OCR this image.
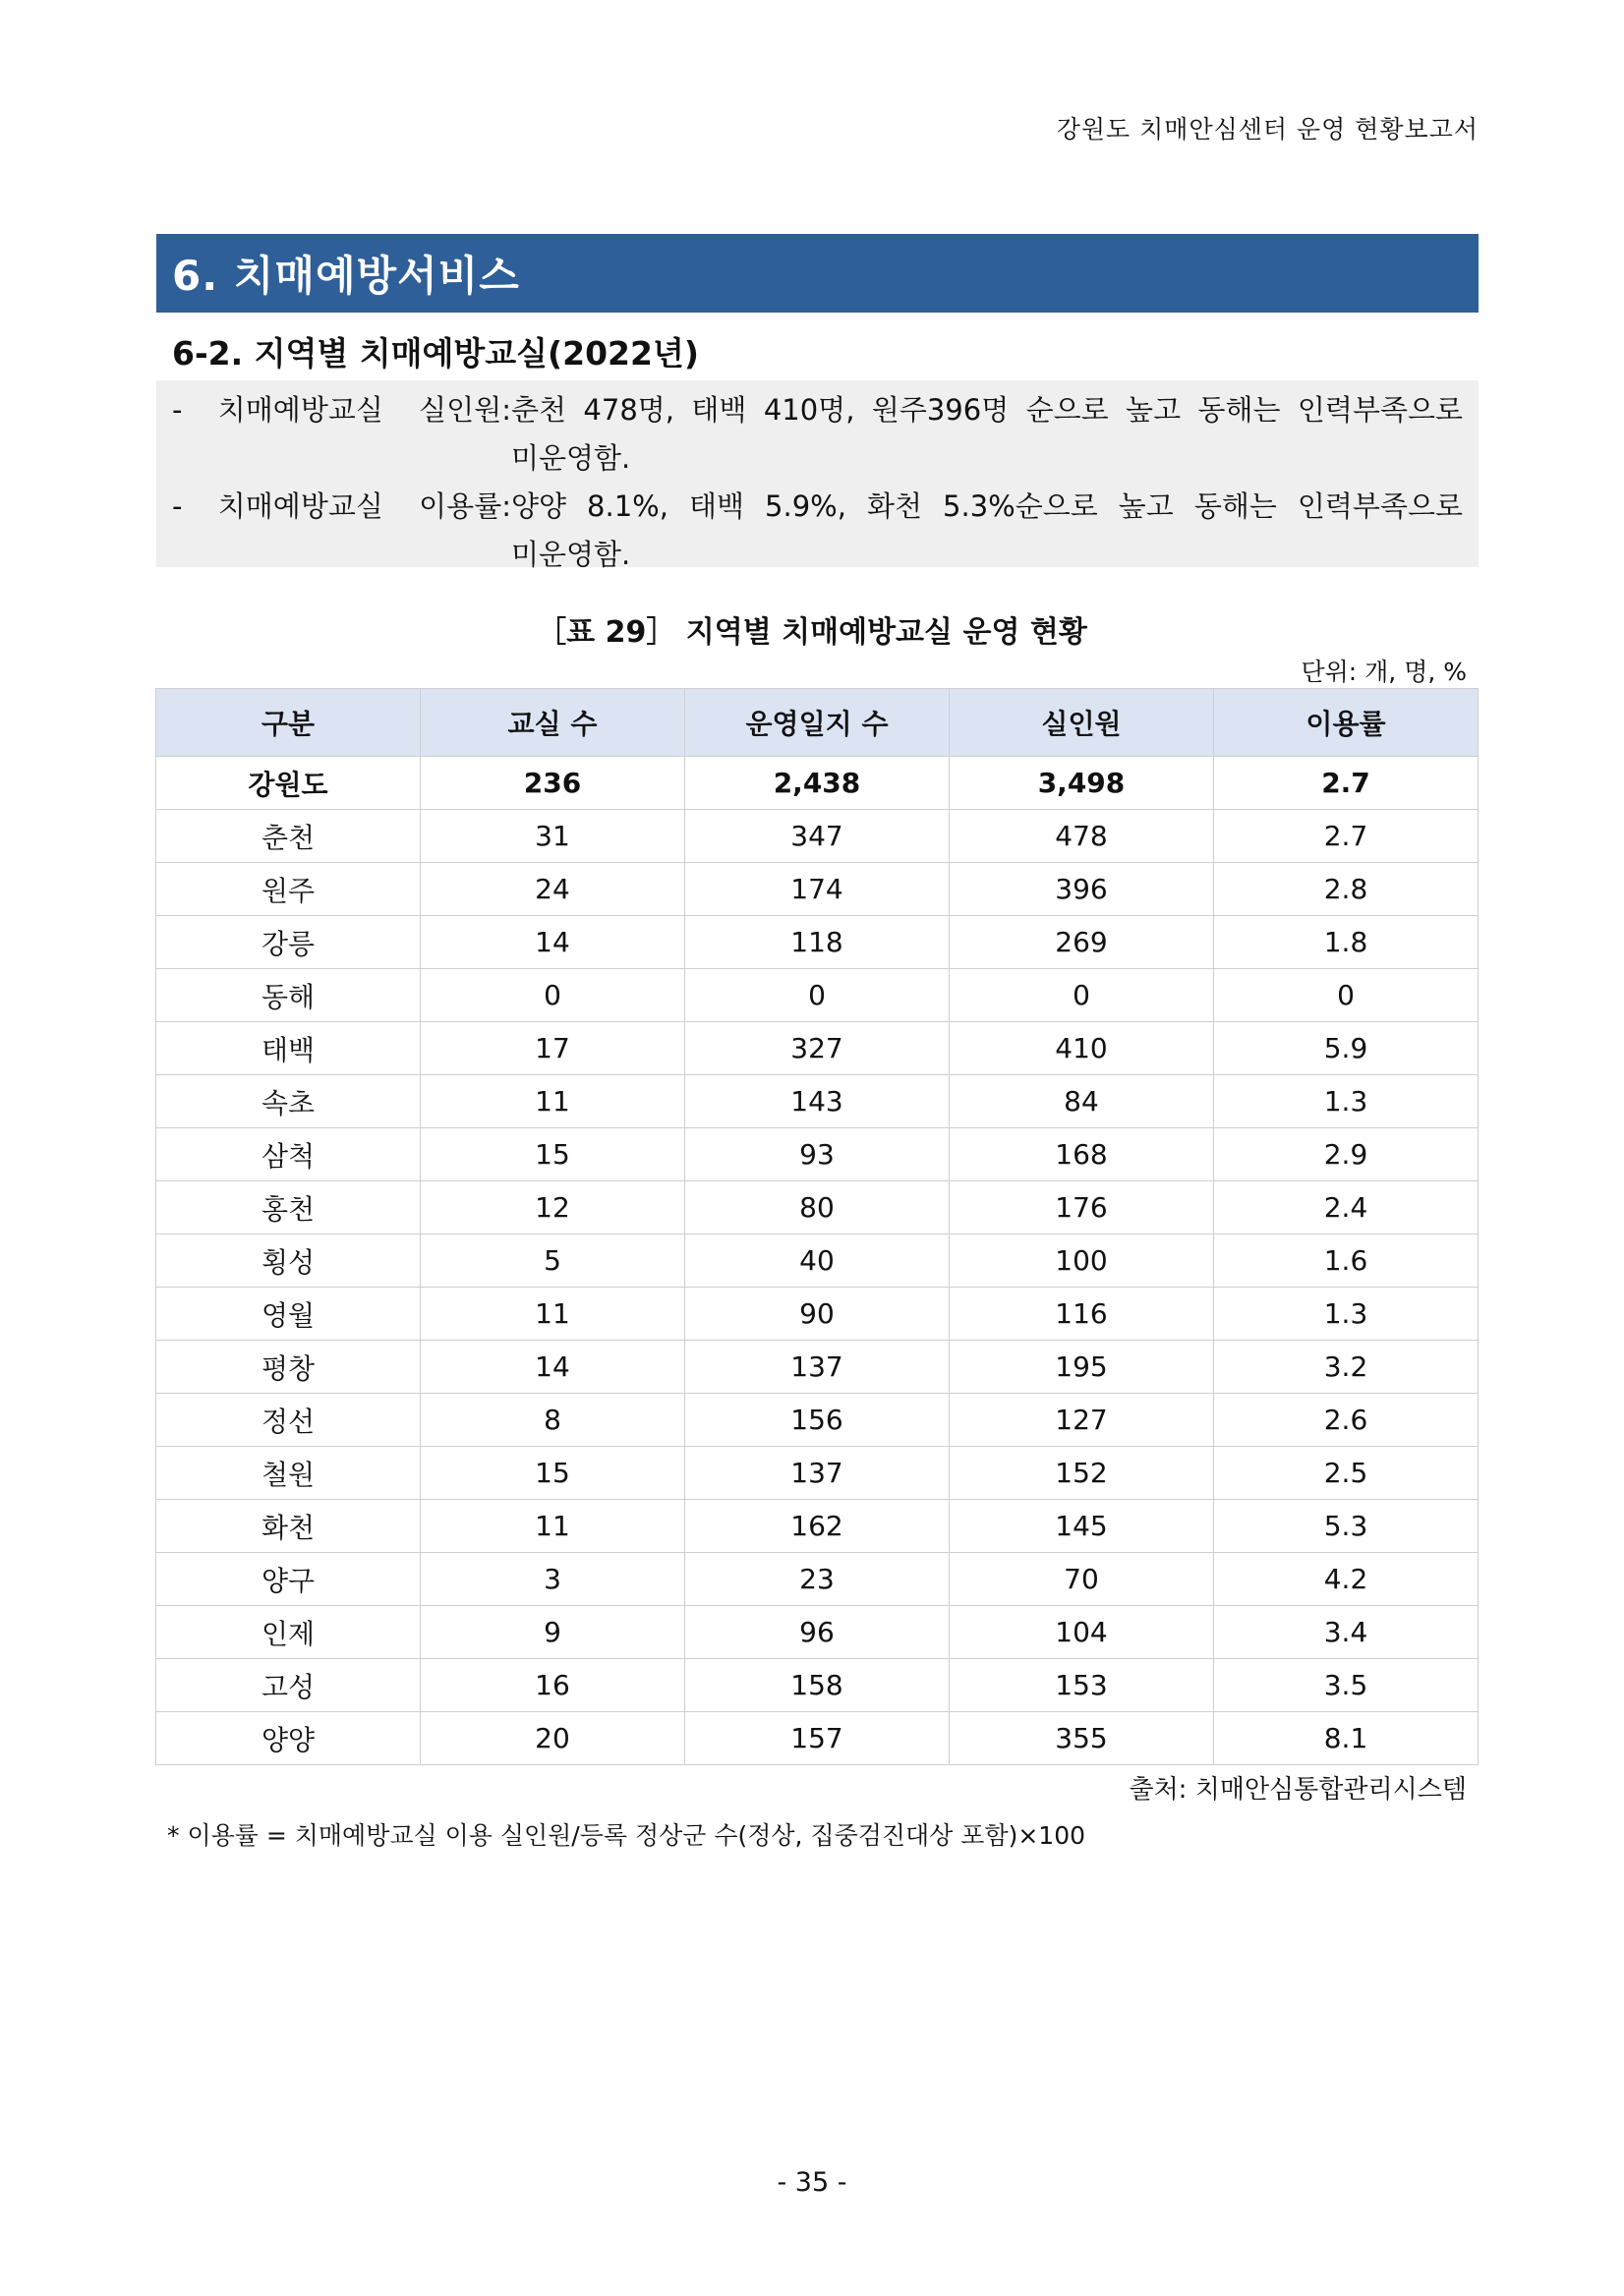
강원도 치매안심센터 운영 현황보고서
6. 치매예방서비스
6-2. 지역별 치매예방교실(2022년)
- 치매예방교실 실인원: 춘천 478명, 태백 410명, 원주396명 순으로 높고 동해는 인력부족으로
미운영함.
- 치매예방교실 이용률: 양양 8.1%, 태백 5.9%, 화천 5.3%순으로 높고 동해는 인력부족으로
미운영함.
［표 29］ 지역별 치매예방교실 운영 현황
단위: 개, 명, %
구분	교실 수	운영일지 수	실인원	이용률
강원도	236	2,438	3,498	2.7
춘천	31	347	478	2.7
원주	24	174	396	2.8
강릉	14	118	269	1.8
동해	0	0	0	0
태백	17	327	410	5.9
속초	11	143	84	1.3
삼척	15	93	168	2.9
홍천	12	80	176	2.4
횡성	5	40	100	1.6
영월	11	90	116	1.3
평창	14	137	195	3.2
정선	8	156	127	2.6
철원	15	137	152	2.5
화천	11	162	145	5.3
양구	3	23	70	4.2
인제	9	96	104	3.4
고성	16	158	153	3.5
양양	20	157	355	8.1
출처: 치매안심통합관리시스템
* 이용률 = 치매예방교실 이용 실인원/등록 정상군 수(정상, 집중검진대상 포함)×100
- 35 -
